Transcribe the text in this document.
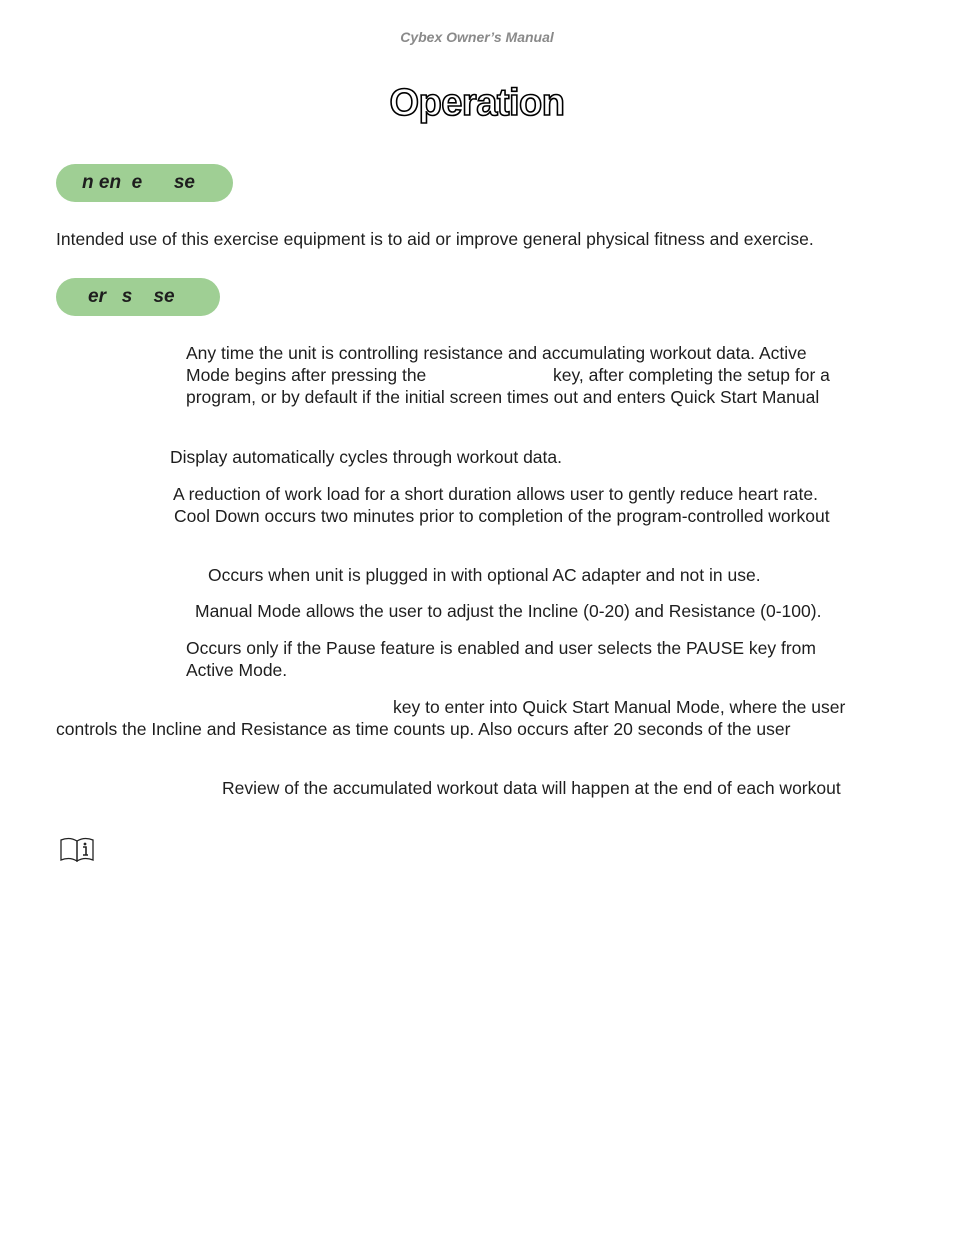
Cybex Owner’s Manual
Operation
n en  e      se
Intended use of this exercise equipment is to aid or improve general physical fitness and exercise.
er   s    se
Any time the unit is controlling resistance and accumulating workout data. Active
Mode begins after pressing the	key, after completing the setup for a
program, or by default if the initial screen times out and enters Quick Start Manual
Display automatically cycles through workout data.
A reduction of work load for a short duration allows user to gently reduce heart rate.
Cool Down occurs two minutes prior to completion of the program-controlled workout
Occurs when unit is plugged in with optional AC adapter and not in use.
Manual Mode allows the user to adjust the Incline (0-20) and Resistance (0-100).
Occurs only if the Pause feature is enabled and user selects the PAUSE key from
Active Mode.
key to enter into Quick Start Manual Mode, where the user
controls the Incline and Resistance as time counts up. Also occurs after 20 seconds of the user
Review of the accumulated workout data will happen at the end of each workout
